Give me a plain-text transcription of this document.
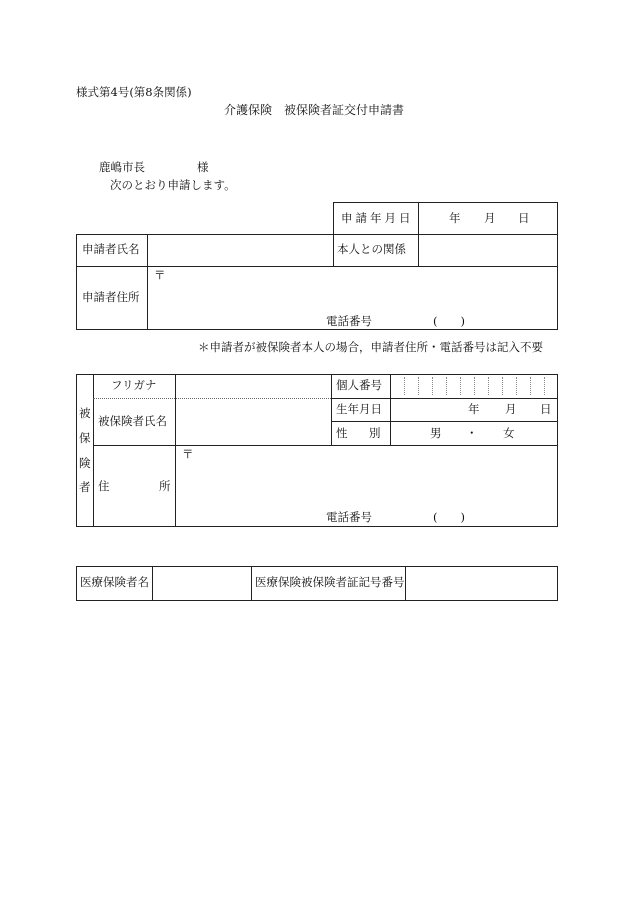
様式第4号(第8条関係)
介護保険　被保険者証交付申請書
鹿嶋市長	様
次のとおり申請します。
申請年月日	年 月 日
申請者氏名	本人との関係
申請者住所
〒
電話番号	(　　)
＊申請者が被保険者本人の場合，申請者住所・電話番号は記入不要
被
保
険
者
フリガナ
被保険者氏名
個人番号
生年月日	年 月 日
性 別	男 ・ 女
住	所
〒
電話番号	(　　)
医療保険者名	医療保険被保険者証記号番号
